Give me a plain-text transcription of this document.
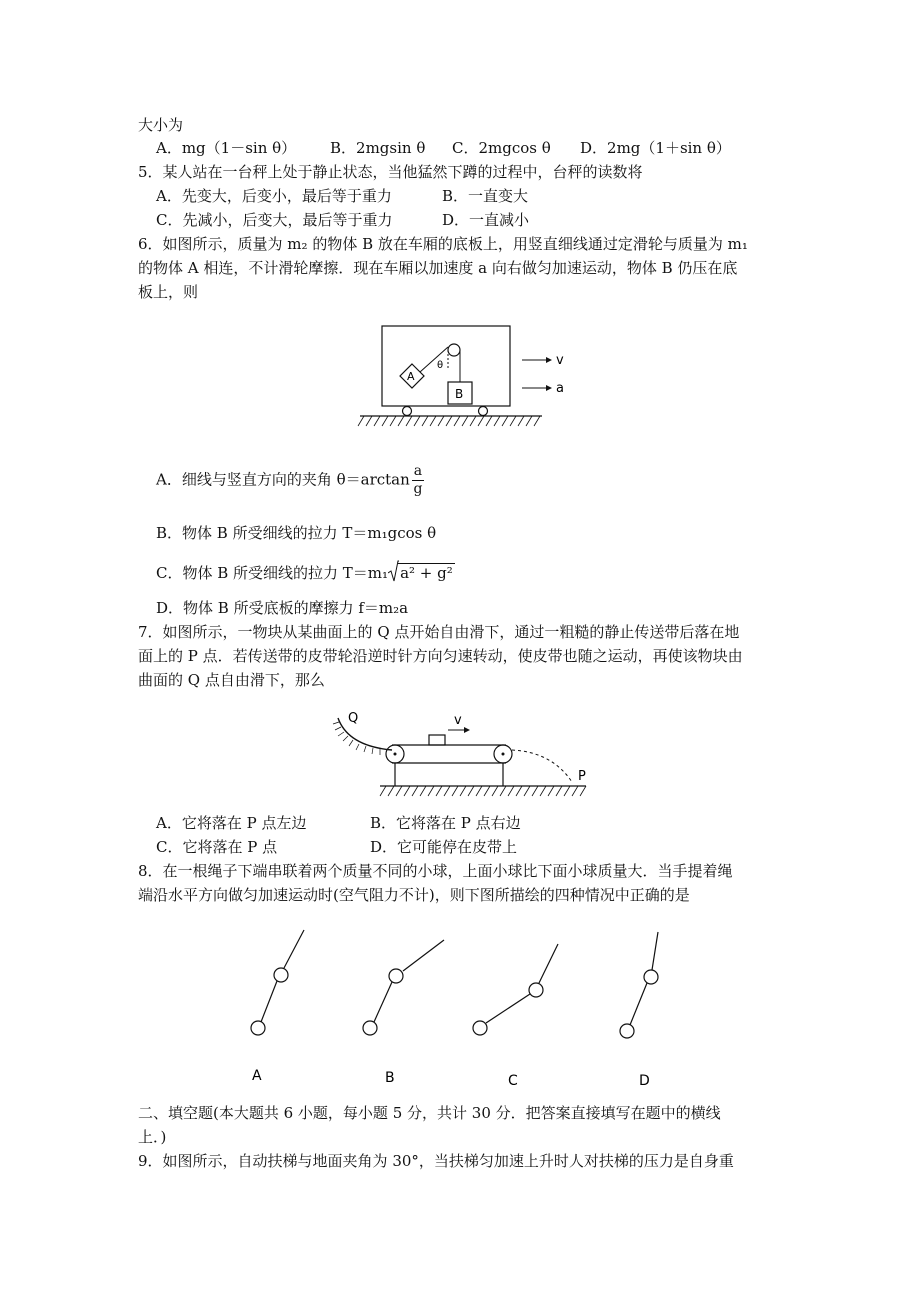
大小为
A．mg（1－sin θ） B．2mgsin θ C．2mgcos θ D．2mg（1＋sin θ）
5．某人站在一台秤上处于静止状态，当他猛然下蹲的过程中，台秤的读数将
A．先变大，后变小，最后等于重力	B．一直变大
C．先减小，后变大，最后等于重力	D．一直减小
6．如图所示，质量为 m₂ 的物体 B 放在车厢的底板上，用竖直细线通过定滑轮与质量为 m₁
的物体 A 相连，不计滑轮摩擦．现在车厢以加速度 a 向右做匀加速运动，物体 B 仍压在底
板上，则
θ
A
B
v
a
A．细线与竖直方向的夹角 $\theta=\arctan \frac{a}{g}$
B．物体 B 所受细线的拉力 T＝m₁gcos θ
C．物体 B 所受细线的拉力 T＝m₁ a² + g²
D．物体 B 所受底板的摩擦力 f＝m₂a
7．如图所示，一物块从某曲面上的 Q 点开始自由滑下，通过一粗糙的静止传送带后落在地
面上的 P 点．若传送带的皮带轮沿逆时针方向匀速转动，使皮带也随之运动，再使该物块由
曲面的 Q 点自由滑下，那么
Q	v
P
A．它将落在 P 点左边	B．它将落在 P 点右边
C．它将落在 P 点	D．它可能停在皮带上
8．在一根绳子下端串联着两个质量不同的小球，上面小球比下面小球质量大．当手提着绳
端沿水平方向做匀加速运动时(空气阻力不计)，则下图所描绘的四种情况中正确的是
A	B	C	D
二、填空题(本大题共 6 小题，每小题 5 分，共计 30 分．把答案直接填写在题中的横线
上．)
9．如图所示，自动扶梯与地面夹角为 30°，当扶梯匀加速上升时人对扶梯的压力是自身重
